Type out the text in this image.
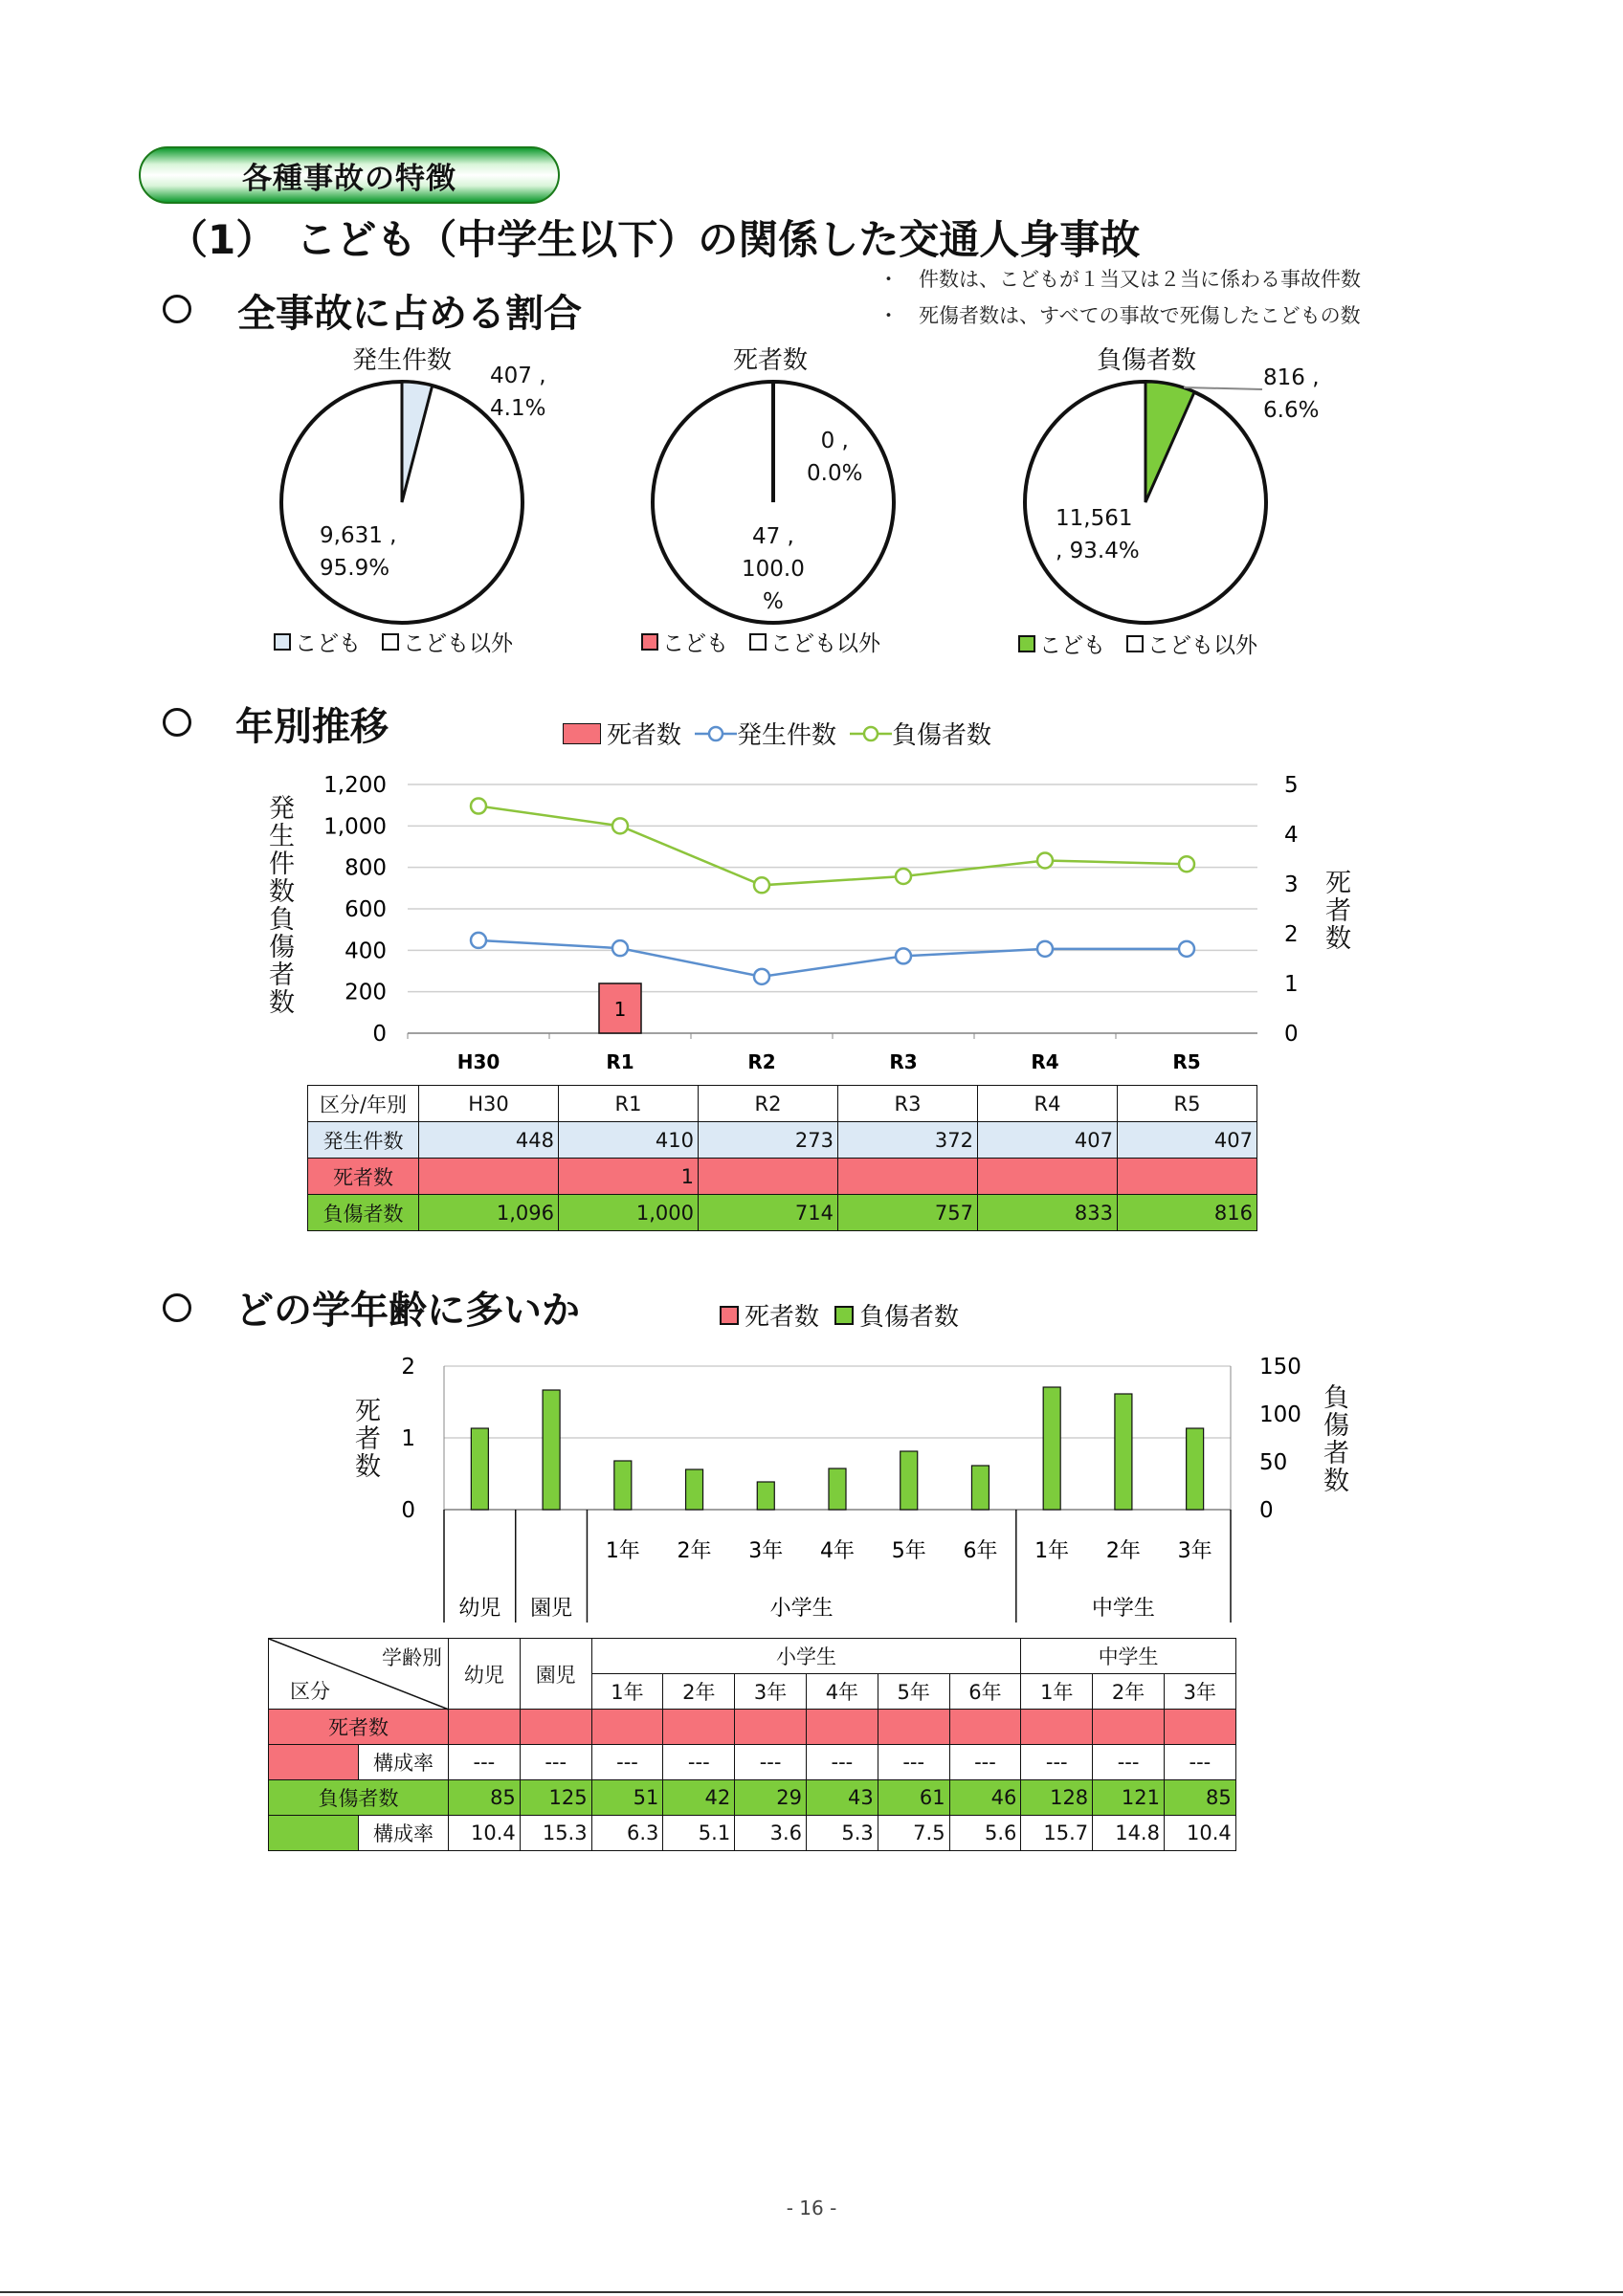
各種事故の特徴
（1）　こども（中学生以下）の関係した交通人身事故
全事故に占める割合
・　件数は、こどもが１当又は２当に係わる事故件数
・　死傷者数は、すべての事故で死傷したこどもの数
発生件数
407 ,
4.1%
9,631 ,
95.9%
こども こども以外
死者数
0 ,
0.0%
47 ,
100.0
%
こども こども以外
負傷者数
816 ,
6.6%
11,561
, 93.4%
こども こども以外
年別推移	死者数 発生件数 負傷者数
発生件数負傷者数	死者数
0
200
400
600
800
1,000
1,200
0
1
2
3
4
5
H30	R1	R2	R3	R4	R5
1
区分/年別	H30	R1	R2	R3	R4	R5
発生件数	448	410	273	372	407	407
死者数		1				
負傷者数	1,096	1,000	714	757	833	816
どの学年齢に多いか	死者数 負傷者数
死者数	負傷者数
0
1
2
0
50
100
150
1年 2年 3年 4年 5年 6年 1年 2年 3年
幼児 園児	小学生	中学生
学齢別
区分		幼児	園児	小学生						中学生		
				1年	2年	3年	4年	5年	6年	1年	2年	3年
死者数												
	構成率	---	---	---	---	---	---	---	---	---	---	---
負傷者数		85	125	51	42	29	43	61	46	128	121	85
	構成率	10.4	15.3	6.3	5.1	3.6	5.3	7.5	5.6	15.7	14.8	10.4
- 16 -
